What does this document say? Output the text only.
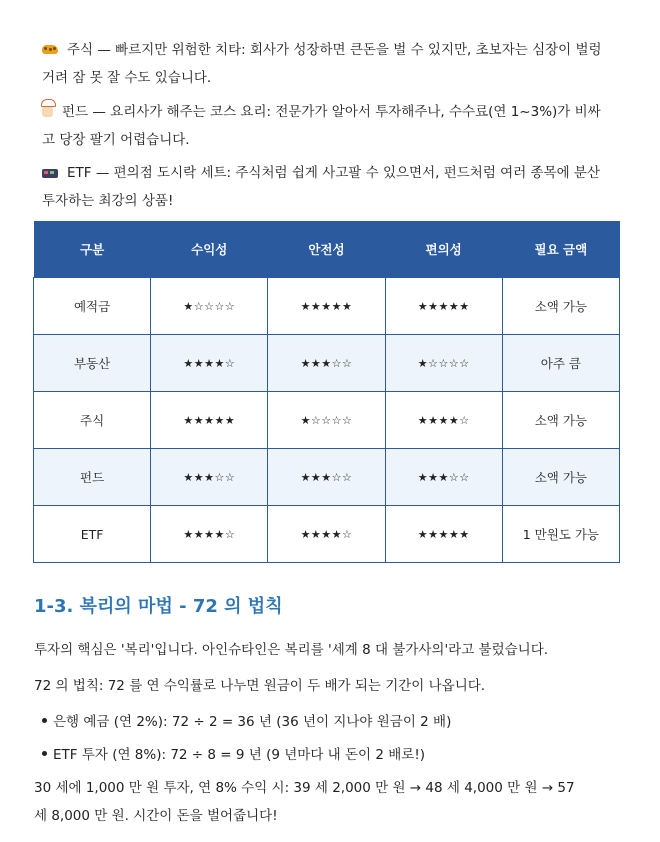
주식 — 빠르지만 위험한 치타: 회사가 성장하면 큰돈을 벌 수 있지만, 초보자는 심장이 벌렁거려 잠 못 잘 수도 있습니다.
펀드 — 요리사가 해주는 코스 요리: 전문가가 알아서 투자해주나, 수수료(연 1~3%)가 비싸고 당장 팔기 어렵습니다.
ETF — 편의점 도시락 세트: 주식처럼 쉽게 사고팔 수 있으면서, 펀드처럼 여러 종목에 분산 투자하는 최강의 상품!
구분	수익성	안전성	편의성	필요 금액
예적금	★☆☆☆☆	★★★★★	★★★★★	소액 가능
부동산	★★★★☆	★★★☆☆	★☆☆☆☆	아주 큼
주식	★★★★★	★☆☆☆☆	★★★★☆	소액 가능
펀드	★★★☆☆	★★★☆☆	★★★☆☆	소액 가능
ETF	★★★★☆	★★★★☆	★★★★★	1 만원도 가능
1-3. 복리의 마법 - 72 의 법칙
투자의 핵심은 '복리'입니다. 아인슈타인은 복리를 '세계 8 대 불가사의'라고 불렀습니다.
72 의 법칙: 72 를 연 수익률로 나누면 원금이 두 배가 되는 기간이 나옵니다.
은행 예금 (연 2%): 72 ÷ 2 = 36 년 (36 년이 지나야 원금이 2 배)
ETF 투자 (연 8%): 72 ÷ 8 = 9 년 (9 년마다 내 돈이 2 배로!)
30 세에 1,000 만 원 투자, 연 8% 수익 시: 39 세 2,000 만 원 → 48 세 4,000 만 원 → 57 세 8,000 만 원. 시간이 돈을 벌어줍니다!
